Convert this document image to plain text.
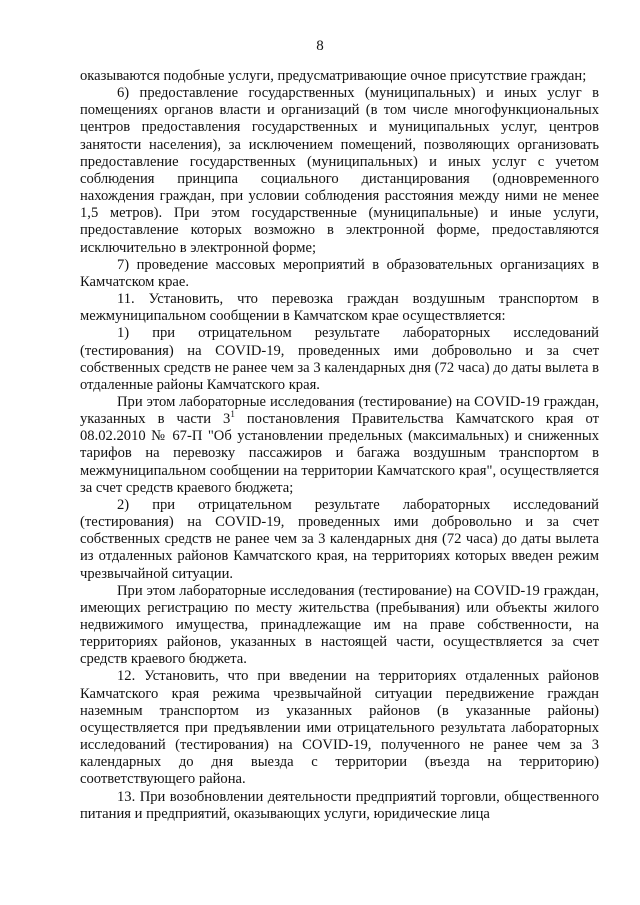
8

оказываются подобные услуги, предусматривающие очное присутствие граждан;

6) предоставление государственных (муниципальных) и иных услуг в помещениях органов власти и организаций (в том числе многофункциональных центров предоставления государственных и муниципальных услуг, центров занятости населения), за исключением помещений, позволяющих организовать предоставление государственных (муниципальных) и иных услуг с учетом соблюдения принципа социального дистанцирования (одновременного нахождения граждан, при условии соблюдения расстояния между ними не менее 1,5 метров). При этом государственные (муниципальные) и иные услуги, предоставление которых возможно в электронной форме, предоставляются исключительно в электронной форме;

7) проведение массовых мероприятий в образовательных организациях в Камчатском крае.

11. Установить, что перевозка граждан воздушным транспортом в межмуниципальном сообщении в Камчатском крае осуществляется:

1) при отрицательном результате лабораторных исследований (тестирования) на COVID-19, проведенных ими добровольно и за счет собственных средств не ранее чем за 3 календарных дня (72 часа) до даты вылета в отдаленные районы Камчатского края.

При этом лабораторные исследования (тестирование) на COVID-19 граждан, указанных в части $3^1$ постановления Правительства Камчатского края от 08.02.2010 № 67-П "Об установлении предельных (максимальных) и сниженных тарифов на перевозку пассажиров и багажа воздушным транспортом в межмуниципальном сообщении на территории Камчатского края", осуществляется за счет средств краевого бюджета;

2) при отрицательном результате лабораторных исследований (тестирования) на COVID-19, проведенных ими добровольно и за счет собственных средств не ранее чем за 3 календарных дня (72 часа) до даты вылета из отдаленных районов Камчатского края, на территориях которых введен режим чрезвычайной ситуации.

При этом лабораторные исследования (тестирование) на COVID-19 граждан, имеющих регистрацию по месту жительства (пребывания) или объекты жилого недвижимого имущества, принадлежащие им на праве собственности, на территориях районов, указанных в настоящей части, осуществляется за счет средств краевого бюджета.

12. Установить, что при введении на территориях отдаленных районов Камчатского края режима чрезвычайной ситуации передвижение граждан наземным транспортом из указанных районов (в указанные районы) осуществляется при предъявлении ими отрицательного результата лабораторных исследований (тестирования) на COVID-19, полученного не ранее чем за 3 календарных до дня выезда с территории (въезда на территорию) соответствующего района.

13. При возобновлении деятельности предприятий торговли, общественного питания и предприятий, оказывающих услуги, юридические лица
